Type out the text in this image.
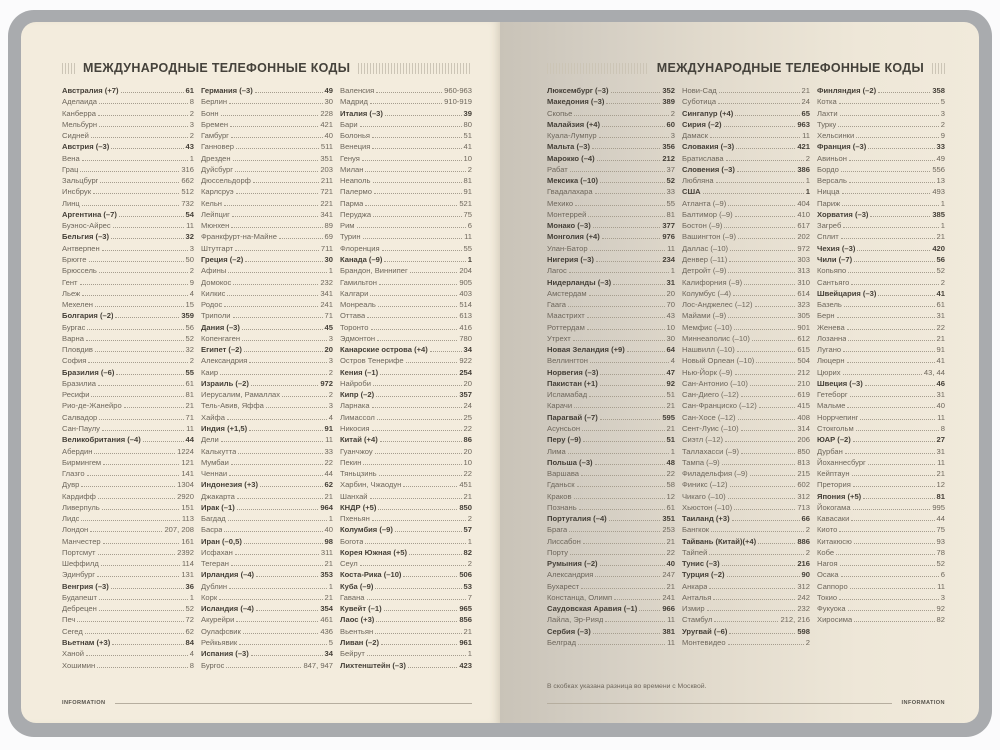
МЕЖДУНАРОДНЫЕ ТЕЛЕФОННЫЕ КОДЫ
Австралия (+7)	61
Аделаида	8
Канберра	2
Мельбурн	3
Сидней	2
Австрия (–3)	43
Вена	1
Грац	316
Зальцбург	662
Инсбрук	512
Линц	732
Аргентина (–7)	54
Буэнос-Айрес	11
Бельгия (–3)	32
Антверпен	3
Брюгге	50
Брюссель	2
Гент	9
Льеж	4
Мехелен	15
Болгария (–2)	359
Бургас	56
Варна	52
Пловдив	32
София	2
Бразилия (–6)	55
Бразилиа	61
Ресифи	81
Рио-де-Жанейро	21
Салвадор	71
Сан-Паулу	11
Великобритания (–4)	44
Абердин	1224
Бирмингем	121
Глазго	141
Дувр	1304
Кардифф	2920
Ливерпуль	151
Лидс	113
Лондон	207, 208
Манчестер	161
Портсмут	2392
Шеффилд	114
Эдинбург	131
Венгрия (–3)	36
Будапешт	1
Дебрецен	52
Печ	72
Сегед	62
Вьетнам (+3)	84
Ханой	4
Хошимин	8
Германия (–3)	49
Берлин	30
Бонн	228
Бремен	421
Гамбург	40
Ганновер	511
Дрезден	351
Дуйсбург	203
Дюссельдорф	211
Карлсруэ	721
Кельн	221
Лейпциг	341
Мюнхен	89
Франкфурт-на-Майне	69
Штутгарт	711
Греция (–2)	30
Афины	1
Домокос	232
Килкис	341
Родос	241
Триполи	71
Дания (–3)	45
Копенгаген	3
Египет (–2)	20
Александрия	3
Каир	2
Израиль (–2)	972
Иерусалим, Рамаллах	2
Тель-Авив, Яффа	3
Хайфа	4
Индия (+1,5)	91
Дели	11
Калькутта	33
Мумбаи	22
Ченнаи	44
Индонезия (+3)	62
Джакарта	21
Ирак (–1)	964
Багдад	1
Басра	40
Иран (–0,5)	98
Исфахан	311
Тегеран	21
Ирландия (–4)	353
Дублин	1
Корк	21
Исландия (–4)	354
Акурейри	461
Оулафсвик	436
Рейкьявик	5
Испания (–3)	34
Бургос	847, 947
Валенсия	960-963
Мадрид	910-919
Италия (–3)	39
Бари	80
Болонья	51
Венеция	41
Генуя	10
Милан	2
Неаполь	81
Палермо	91
Парма	521
Перуджа	75
Рим	6
Турин	11
Флоренция	55
Канада (–9)	1
Брандон, Виннипег	204
Гамильтон	905
Калгари	403
Монреаль	514
Оттава	613
Торонто	416
Эдмонтон	780
Канарские острова (+4)	34
Остров Тенерифе	922
Кения (–1)	254
Найроби	20
Кипр (–2)	357
Ларнака	24
Лимассол	25
Никосия	22
Китай (+4)	86
Гуанчжоу	20
Пекин	10
Тяньцзинь	22
Харбин, Чжаодун	451
Шанхай	21
КНДР (+5)	850
Пхеньян	2
Колумбия (–9)	57
Богота	1
Корея Южная (+5)	82
Сеул	2
Коста-Рика (–10)	506
Куба (–9)	53
Гавана	7
Кувейт (–1)	965
Лаос (+3)	856
Вьентьян	21
Ливан (–2)	961
Бейрут	1
Лихтенштейн (–3)	423
INFORMATION
МЕЖДУНАРОДНЫЕ ТЕЛЕФОННЫЕ КОДЫ
Люксембург (–3)	352
Македония (–3)	389
Скопье	2
Малайзия (+4)	60
Куала-Лумпур	3
Мальта (–3)	356
Марокко (–4)	212
Рабат	37
Мексика (–10)	52
Гвадалахара	33
Мехико	55
Монтеррей	81
Монако (–3)	377
Монголия (+4)	976
Улан-Батор	11
Нигерия (–3)	234
Лагос	1
Нидерланды (–3)	31
Амстердам	20
Гаага	70
Маастрихт	43
Роттердам	10
Утрехт	30
Новая Зеландия (+9)	64
Веллингтон	4
Норвегия (–3)	47
Пакистан (+1)	92
Исламабад	51
Карачи	21
Парагвай (–7)	595
Асунсьон	21
Перу (–9)	51
Лима	1
Польша (–3)	48
Варшава	22
Гданьск	58
Краков	12
Познань	61
Португалия (–4)	351
Брага	253
Лиссабон	21
Порту	22
Румыния (–2)	40
Александрия	247
Бухарест	21
Констанца, Олимп	241
Саудовская Аравия (–1)	966
Лайла, Эр-Рияд	11
Сербия (–3)	381
Белград	11
Нови-Сад	21
Суботица	24
Сингапур (+4)	65
Сирия (–2)	963
Дамаск	11
Словакия (–3)	421
Братислава	2
Словения (–3)	386
Любляна	1
США	1
Атланта (–9)	404
Балтимор (–9)	410
Бостон (–9)	617
Вашингтон (–9)	202
Даллас (–10)	972
Денвер (–11)	303
Детройт (–9)	313
Калифорния (–9)	310
Колумбус (–4)	614
Лос-Анджелес (–12)	323
Майами (–9)	305
Мемфис (–10)	901
Миннеаполис (–10)	612
Нашвилл (–10)	615
Новый Орлеан (–10)	504
Нью-Йорк (–9)	212
Сан-Антонио (–10)	210
Сан-Диего (–12)	619
Сан-Франциско (–12)	415
Сан-Хосе (–12)	408
Сент-Луис (–10)	314
Сиэтл (–12)	206
Таллахасси (–9)	850
Тампа (–9)	813
Филадельфия (–9)	215
Финикс (–12)	602
Чикаго (–10)	312
Хьюстон (–10)	713
Таиланд (+3)	66
Бангкок	2
Тайвань (Китай)(+4)	886
Тайпей	2
Тунис (–3)	216
Турция (–2)	90
Анкара	312
Анталья	242
Измир	232
Стамбул	212, 216
Уругвай (–6)	598
Монтевидео	2
Финляндия (–2)	358
Котка	5
Лахти	3
Турку	2
Хельсинки	9
Франция (–3)	33
Авиньон	49
Бордо	556
Версаль	13
Ницца	493
Париж	1
Хорватия (–3)	385
Загреб	1
Сплит	21
Чехия (–3)	420
Чили (–7)	56
Копьяпо	52
Сантьяго	2
Швейцария (–3)	41
Базель	61
Берн	31
Женева	22
Лозанна	21
Лугано	91
Люцерн	41
Цюрих	43, 44
Швеция (–3)	46
Гетеборг	31
Мальме	40
Норрчепинг	11
Стокгольм	8
ЮАР (–2)	27
Дурбан	31
Йоханнесбург	11
Кейптаун	21
Претория	12
Япония (+5)	81
Йокогама	995
Кавасаки	44
Киото	75
Китакюсю	93
Кобе	78
Нагоя	52
Осака	6
Саппоро	11
Токио	3
Фукуока	92
Хиросима	82
В скобках указана разница во времени с Москвой.
INFORMATION
